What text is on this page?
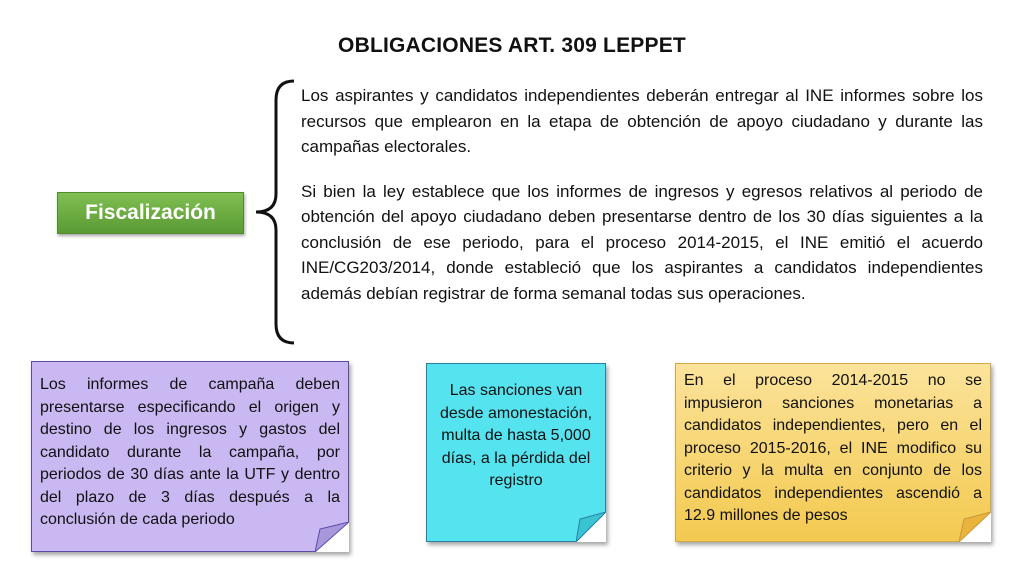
OBLIGACIONES ART. 309 LEPPET
Fiscalización

Los aspirantes y candidatos independientes deberán entregar al INE informes sobre los recursos que emplearon en la etapa de obtención de apoyo ciudadano y durante las campañas electorales.

Si bien la ley establece que los informes de ingresos y egresos relativos al periodo de obtención del apoyo ciudadano deben presentarse dentro de los 30 días siguientes a la conclusión de ese periodo, para el proceso 2014-2015, el INE emitió el acuerdo INE/CG203/2014, donde estableció que los aspirantes a candidatos independientes además debían registrar de forma semanal todas sus operaciones.

Los informes de campaña deben presentarse especificando el origen y destino de los ingresos y gastos del candidato durante la campaña, por periodos de 30 días ante la UTF y dentro del plazo de 3 días después a la conclusión de cada periodo
Las sanciones van desde amonestación, multa de hasta 5,000 días, a la pérdida del registro
En el proceso 2014-2015 no se impusieron sanciones monetarias a candidatos independientes, pero en el proceso 2015-2016, el INE modifico su criterio y la multa en conjunto de los candidatos independientes ascendió a 12.9 millones de pesos
